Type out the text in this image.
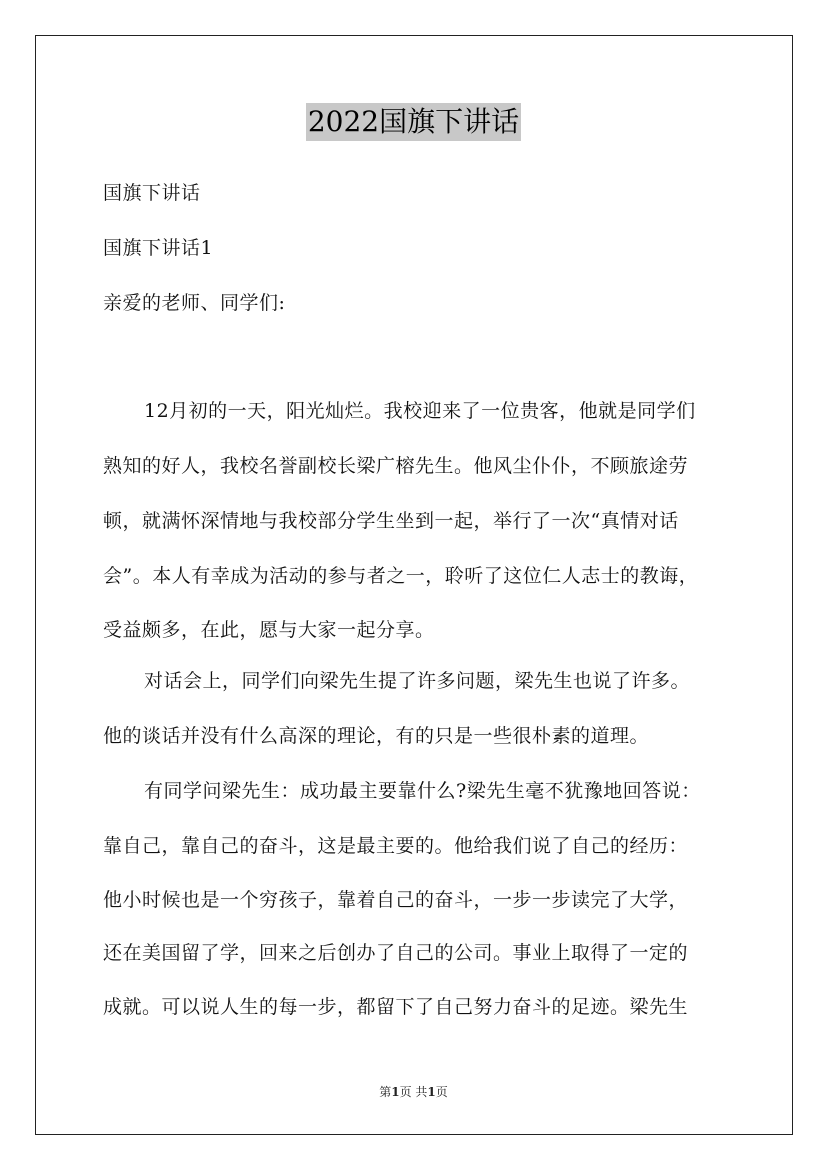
2022国旗下讲话
国旗下讲话
国旗下讲话1
亲爱的老师、同学们:
12月初的一天，阳光灿烂。我校迎来了一位贵客，他就是同学们
熟知的好人，我校名誉副校长梁广榕先生。他风尘仆仆，不顾旅途劳
顿，就满怀深情地与我校部分学生坐到一起，举行了一次“真情对话
会”。本人有幸成为活动的参与者之一，聆听了这位仁人志士的教诲，
受益颇多，在此，愿与大家一起分享。
对话会上，同学们向梁先生提了许多问题，梁先生也说了许多。
他的谈话并没有什么高深的理论，有的只是一些很朴素的道理。
有同学问梁先生：成功最主要靠什么?梁先生毫不犹豫地回答说：
靠自己，靠自己的奋斗，这是最主要的。他给我们说了自己的经历：
他小时候也是一个穷孩子，靠着自己的奋斗，一步一步读完了大学，
还在美国留了学，回来之后创办了自己的公司。事业上取得了一定的
成就。可以说人生的每一步，都留下了自己努力奋斗的足迹。梁先生
第1页 共1页
